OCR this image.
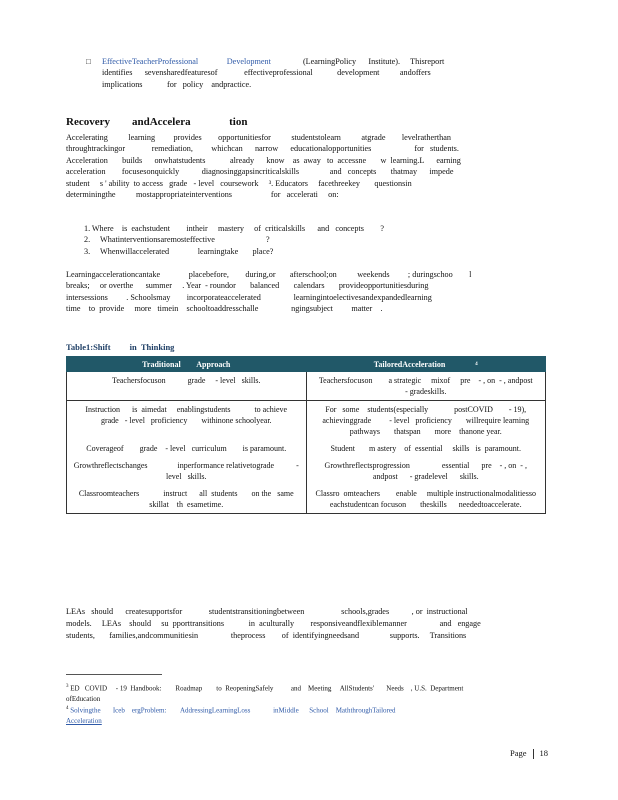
□	EffectiveTeacherProfessional              Development	(LearningPolicy      Institute).     Thisreport
identifies      sevensharedfeaturesof             effectiveprofessional            development          andoffers
implications            for   policy    andpractice.
Recovery        andAccelera              tion
Accelerating          learning         provides        opportunitiesfor          studentstolearn          atgrade        levelratherthan
throughtrackingor             remediation,         whichcan      narrow      educationalopportunities                     for   students.
Acceleration       builds      onwhatstudents            already      know    as  away   to  accessne       w  learning.L      earning
acceleration        focusesonquickly           diagnosinggapsincriticalskills               and   concepts       thatmay      impede
student     s ' ability  to access   grade   - level   coursework     ³. Educators     facethreekey       questionsin
determiningthe          mostappropriateinterventions                   for   accelerati     on:
1. Where    is  eachstudent        intheir     mastery     of  criticalskills      and   concepts        ?
2.	Whatinterventionsaremosteffective                         ?
3.	Whenwillaccelerated              learningtake       place?
Learningaccelerationcantake              placebefore,        during,or       afterschool;on          weekends         ; duringschoo        l
breaks;     or overthe      summer     . Year  - roundor       balanced       calendars       provideopportunitiesduring
intersessions         . Schoolsmay        incorporateaccelerated                learningintoelectivesandexpandedlearning
time    to  provide     more   timein    schooltoaddresschalle                ngingsubject         matter    .
Table1:Shift         in  Thinking
Traditional        Approach	TailoredAcceleration               ⁴
Teachersfocuson           grade     - level   skills.	Teachersfocuson        a strategic     mixof     pre    - , on  - , andpost      - gradeskills.
Instruction      is  aimedat     enablingstudents            to achieve     grade   - level   proficiency       withinone schoolyear.	For   some    students(especially             postCOVID        - 19), achievinggrade         - level   proficiency       willrequire learning    pathways       thatspan       more    thanone year.
Coverageof        grade    - level   curriculum        is paramount.	Student       m astery    of  essential     skills   is  paramount.
Growthreflectschanges               inperformance relativetograde           - level   skills.	Growthreflectsprogression                essential      pre    - , on  - , andpost      - gradelevel      skills.
Classroomteachers            instruct      all  students       on the   same    skillat    th  esametime.	Classro  omteachers        enable     multiple instructionalmodalitiesso                eachstudentcan focuson       theskills      neededtoaccelerate.
LEAs   should      createsupportsfor             studentstransitioningbetween                  schools,grades           , or  instructional
models.     LEAs    should     su  pporttransitions            in  aculturally        responsiveandflexiblemanner                and   engage
students,       families,andcommunitiesin                theprocess        of  identifyingneedsand               supports.     Transitions
$^3$ ED   COVID     - 19  Handbook:        Roadmap        to  ReopeningSafely          and    Meeting     AllStudents'       Needs    , U.S.  Department
ofEducation
$^4$ Solvingthe       Iceb    ergProblem:        AddressingLearningLoss             inMiddle      School    MaththroughTailored
Acceleration
Page 18
